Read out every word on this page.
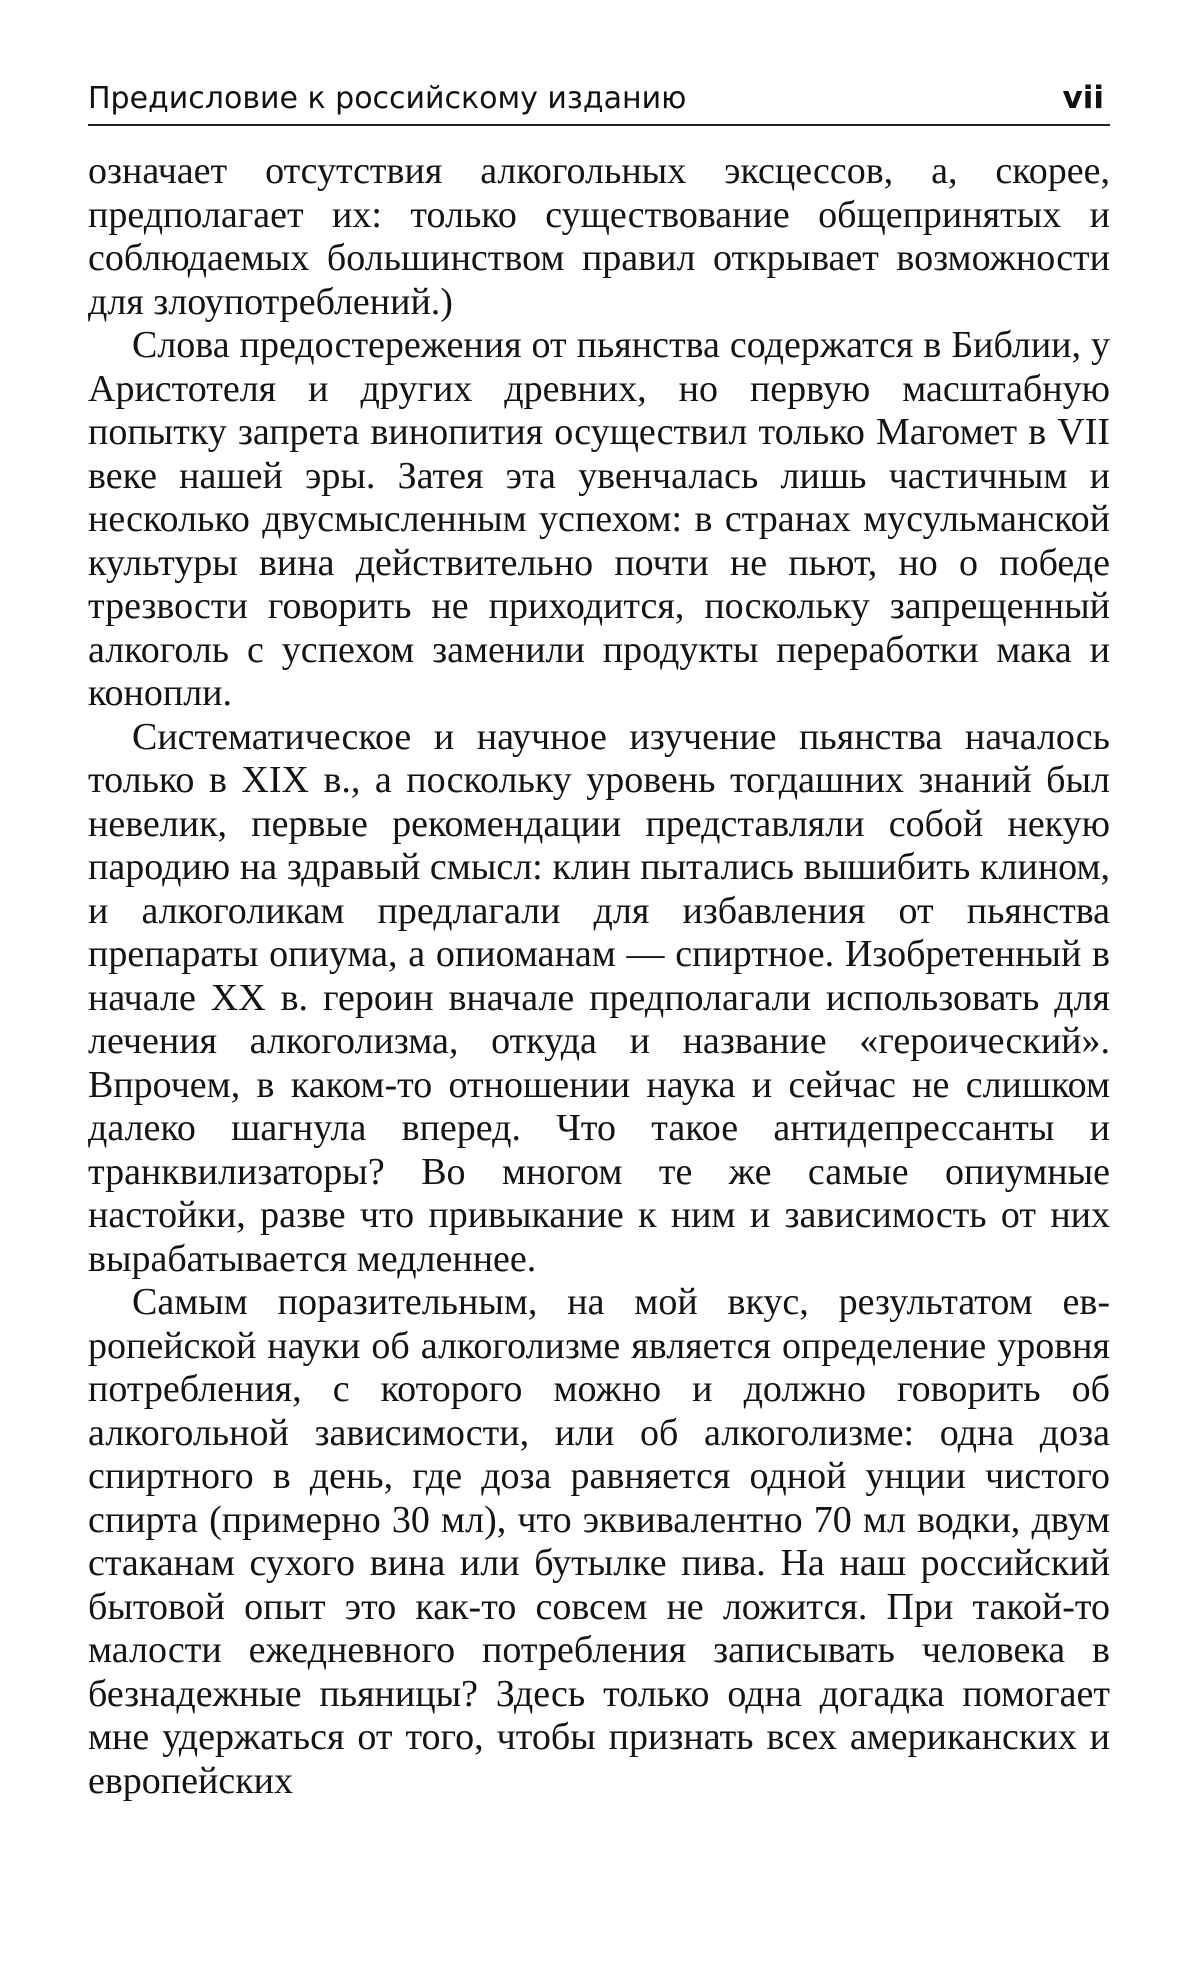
Предисловие к российскому изданию	vii

означает отсутствия алкогольных эксцессов, а, скорее, предполагает их: только существование общепринятых и соблюдаемых большинством правил открывает возможности для злоупотреблений.)

Слова предостережения от пьянства содержатся в Библии, у Аристотеля и других древних, но первую масштабную попытку запрета винопития осуществил только Магомет в VII веке нашей эры. Затея эта увенчалась лишь частичным и несколько двусмысленным успехом: в странах мусульманской культуры вина действительно почти не пьют, но о победе трезвости говорить не приходится, поскольку запрещенный алкоголь с успехом заменили продукты переработки мака и конопли.

Систематическое и научное изучение пьянства началось только в XIX в., а поскольку уровень тогдашних знаний был невелик, первые рекомендации представляли собой некую пародию на здравый смысл: клин пытались вышибить клином, и алкоголикам предлагали для избавления от пьянства препараты опиума, а опиоманам — спиртное. Изобретенный в начале XX в. героин вначале предполагали использовать для лечения алкоголизма, откуда и название «героический». Впрочем, в каком-то отношении наука и сейчас не слишком далеко шагнула вперед. Что такое антидепрессанты и транквилизаторы? Во многом те же самые опиумные настойки, разве что привыкание к ним и зависимость от них вырабатывается медленнее.

Самым поразительным, на мой вкус, результатом европейской науки об алкоголизме является определение уровня потребления, с которого можно и должно говорить об алкогольной зависимости, или об алкоголизме: одна доза спиртного в день, где доза равняется одной унции чистого спирта (примерно 30 мл), что эквивалентно 70 мл водки, двум стаканам сухого вина или бутылке пива. На наш российский бытовой опыт это как-то совсем не ложится. При такой-то малости ежедневного потребления записывать человека в безнадежные пьяницы? Здесь только одна догадка помогает мне удержаться от того, чтобы признать всех американских и европейских
